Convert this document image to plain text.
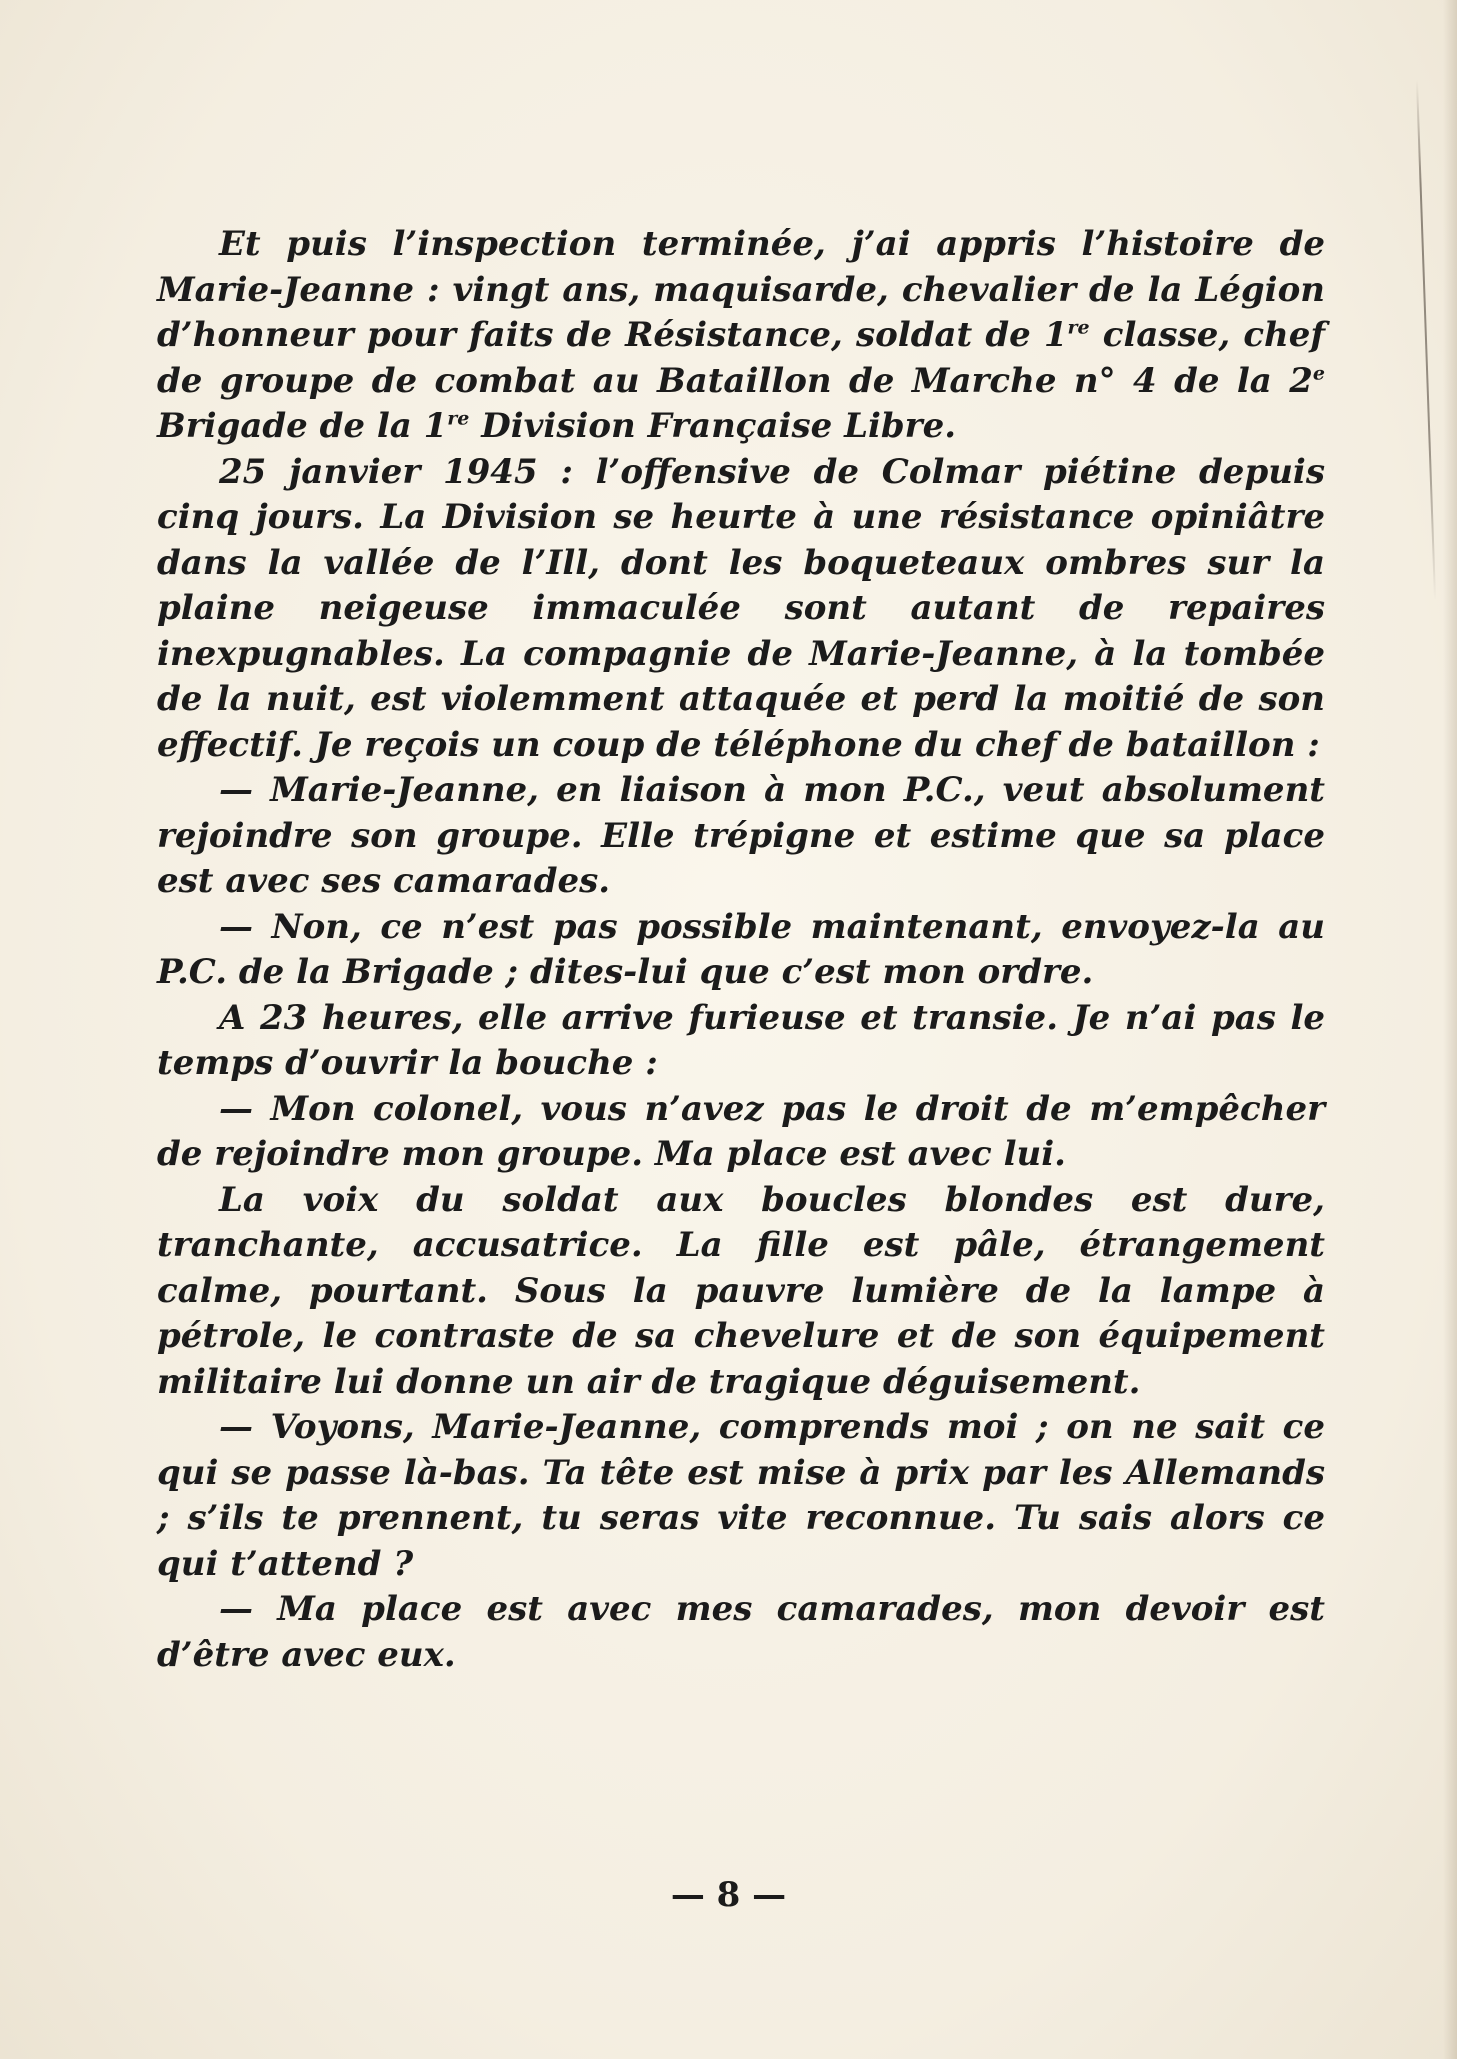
Et puis l’inspection terminée, j’ai appris l’histoire de Marie-Jeanne : vingt ans, maquisarde, chevalier de la Légion d’honneur pour faits de Résistance, soldat de 1re classe, chef de groupe de combat au Bataillon de Marche n° 4 de la 2e Brigade de la 1re Division Française Libre.

25 janvier 1945 : l’offensive de Colmar piétine depuis cinq jours. La Division se heurte à une résistance opiniâtre dans la vallée de l’Ill, dont les boqueteaux ombres sur la plaine neigeuse immaculée sont autant de repaires inexpugnables. La compagnie de Marie-Jeanne, à la tombée de la nuit, est violemment attaquée et perd la moitié de son effectif. Je reçois un coup de téléphone du chef de bataillon :

— Marie-Jeanne, en liaison à mon P.C., veut absolument rejoindre son groupe. Elle trépigne et estime que sa place est avec ses camarades.

— Non, ce n’est pas possible maintenant, envoyez-la au P.C. de la Brigade ; dites-lui que c’est mon ordre.

A 23 heures, elle arrive furieuse et transie. Je n’ai pas le temps d’ouvrir la bouche :

— Mon colonel, vous n’avez pas le droit de m’empêcher de rejoindre mon groupe. Ma place est avec lui.

La voix du soldat aux boucles blondes est dure, tranchante, accusatrice. La fille est pâle, étrangement calme, pourtant. Sous la pauvre lumière de la lampe à pétrole, le contraste de sa chevelure et de son équipement militaire lui donne un air de tragique déguisement.

— Voyons, Marie-Jeanne, comprends moi ; on ne sait ce qui se passe là-bas. Ta tête est mise à prix par les Allemands ; s’ils te prennent, tu seras vite reconnue. Tu sais alors ce qui t’attend ?

— Ma place est avec mes camarades, mon devoir est d’être avec eux.

— 8 —
